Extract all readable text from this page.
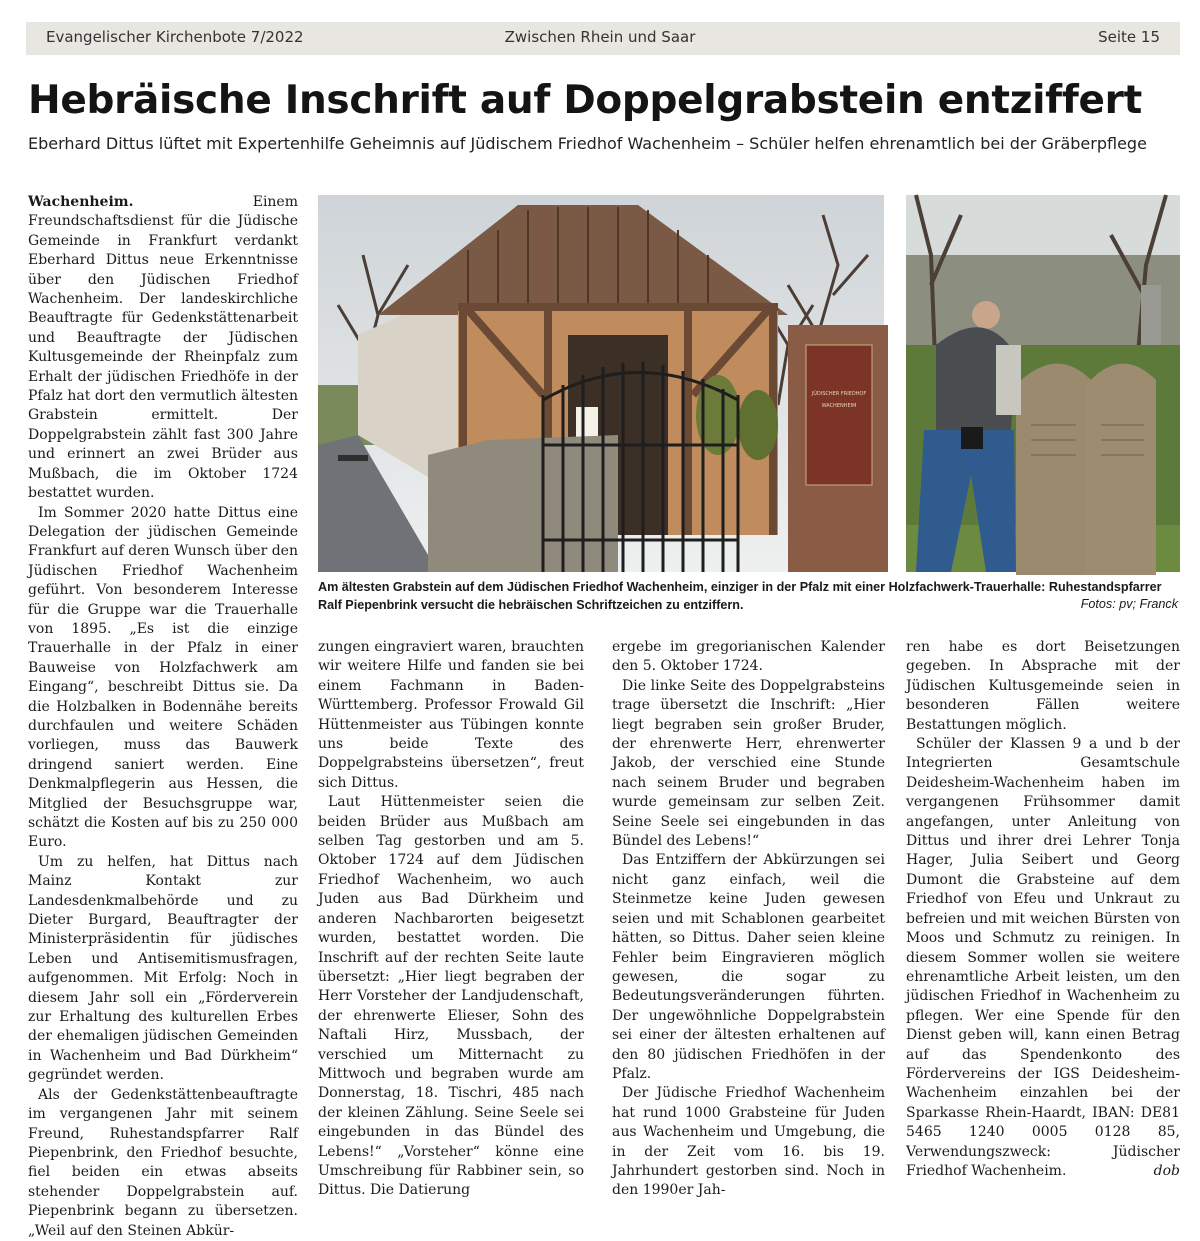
Evangelischer Kirchenbote 7/2022	Zwischen Rhein und Saar	Seite 15
Hebräische Inschrift auf Doppelgrabstein entziffert

Eberhard Dittus lüftet mit Expertenhilfe Geheimnis auf Jüdischem Friedhof Wachenheim – Schüler helfen ehrenamtlich bei der Gräberpflege

Wachenheim.	Einem Freundschaftsdienst für die Jüdische Gemeinde in Frankfurt verdankt Eberhard Dittus neue Erkenntnisse über den Jüdischen Friedhof Wachenheim. Der landeskirchliche Beauftragte für Gedenkstättenarbeit und Beauftragte der Jüdischen Kultusgemeinde der Rheinpfalz zum Erhalt der jüdischen Friedhöfe in der Pfalz hat dort den vermutlich ältesten Grabstein ermittelt. Der Doppelgrabstein zählt fast 300 Jahre und erinnert an zwei Brüder aus Mußbach, die im Oktober 1724 bestattet wurden.

Im Sommer 2020 hatte Dittus eine Delegation der jüdischen Gemeinde Frankfurt auf deren Wunsch über den Jüdischen Friedhof Wachenheim geführt. Von besonderem Interesse für die Gruppe war die Trauerhalle von 1895. „Es ist die einzige Trauerhalle in der Pfalz in einer Bauweise von Holzfachwerk am Eingang“, beschreibt Dittus sie. Da die Holzbalken in Bodennähe bereits durchfaulen und weitere Schäden vorliegen, muss das Bauwerk dringend saniert werden. Eine Denkmalpflegerin aus Hessen, die Mitglied der Besuchsgruppe war, schätzt die Kosten auf bis zu 250 000 Euro.

Um zu helfen, hat Dittus nach Mainz Kontakt zur Landesdenkmalbehörde und zu Dieter Burgard, Beauftragter der Ministerpräsidentin für jüdisches Leben und Antisemitismusfragen, aufgenommen. Mit Erfolg: Noch in diesem Jahr soll ein „Förderverein zur Erhaltung des kulturellen Erbes der ehemaligen jüdischen Gemeinden in Wachenheim und Bad Dürkheim“ gegründet werden.

Als der Gedenkstättenbeauftragte im vergangenen Jahr mit seinem Freund, Ruhestandspfarrer Ralf Piepenbrink, den Friedhof besuchte, fiel beiden ein etwas abseits stehender Doppelgrabstein auf. Piepenbrink begann zu übersetzen. „Weil auf den Steinen Abkür-

JÜDISCHER FRIEDHOF
WACHENHEIM
Am ältesten Grabstein auf dem Jüdischen Friedhof Wachenheim, einziger in der Pfalz mit einer Holzfachwerk-Trauerhalle: Ruhestandspfarrer Ralf Piepenbrink versucht die hebräischen Schriftzeichen zu entziffern.	Fotos: pv; Franck

zungen eingraviert waren, brauchten wir weitere Hilfe und fanden sie bei einem Fachmann in Baden-Württemberg. Professor Frowald Gil Hüttenmeister aus Tübingen konnte uns beide Texte des Doppelgrabsteins übersetzen“, freut sich Dittus.

Laut Hüttenmeister seien die beiden Brüder aus Mußbach am selben Tag gestorben und am 5. Oktober 1724 auf dem Jüdischen Friedhof Wachenheim, wo auch Juden aus Bad Dürkheim und anderen Nachbarorten beigesetzt wurden, bestattet worden. Die Inschrift auf der rechten Seite laute übersetzt: „Hier liegt begraben der Herr Vorsteher der Landjudenschaft, der ehrenwerte Elieser, Sohn des Naftali Hirz, Mussbach, der verschied um Mitternacht zu Mittwoch und begraben wurde am Donnerstag, 18. Tischri, 485 nach der kleinen Zählung. Seine Seele sei eingebunden in das Bündel des Lebens!“ „Vorsteher“ könne eine Umschreibung für Rabbiner sein, so Dittus. Die Datierung

ergebe im gregorianischen Kalender den 5. Oktober 1724.

Die linke Seite des Doppelgrabsteins trage übersetzt die Inschrift: „Hier liegt begraben sein großer Bruder, der ehrenwerte Herr, ehrenwerter Jakob, der verschied eine Stunde nach seinem Bruder und begraben wurde gemeinsam zur selben Zeit. Seine Seele sei eingebunden in das Bündel des Lebens!“

Das Entziffern der Abkürzungen sei nicht ganz einfach, weil die Steinmetze keine Juden gewesen seien und mit Schablonen gearbeitet hätten, so Dittus. Daher seien kleine Fehler beim Eingravieren möglich gewesen, die sogar zu Bedeutungsveränderungen führten. Der ungewöhnliche Doppelgrabstein sei einer der ältesten erhaltenen auf den 80 jüdischen Friedhöfen in der Pfalz.

Der Jüdische Friedhof Wachenheim hat rund 1000 Grabsteine für Juden aus Wachenheim und Umgebung, die in der Zeit vom 16. bis 19. Jahrhundert gestorben sind. Noch in den 1990er Jah-

ren habe es dort Beisetzungen gegeben. In Absprache mit der Jüdischen Kultusgemeinde seien in besonderen Fällen weitere Bestattungen möglich.

Schüler der Klassen 9 a und b der Integrierten Gesamtschule Deidesheim-Wachenheim haben im vergangenen Frühsommer damit angefangen, unter Anleitung von Dittus und ihrer drei Lehrer Tonja Hager, Julia Seibert und Georg Dumont die Grabsteine auf dem Friedhof von Efeu und Unkraut zu befreien und mit weichen Bürsten von Moos und Schmutz zu reinigen. In diesem Sommer wollen sie weitere ehrenamtliche Arbeit leisten, um den jüdischen Friedhof in Wachenheim zu pflegen. Wer eine Spende für den Dienst geben will, kann einen Betrag auf das Spendenkonto des Fördervereins der IGS Deidesheim-Wachenheim einzahlen bei der Sparkasse Rhein-Haardt, IBAN: DE81 5465 1240 0005 0128 85, Verwendungszweck: Jüdischer Friedhof Wachenheim.	dob
